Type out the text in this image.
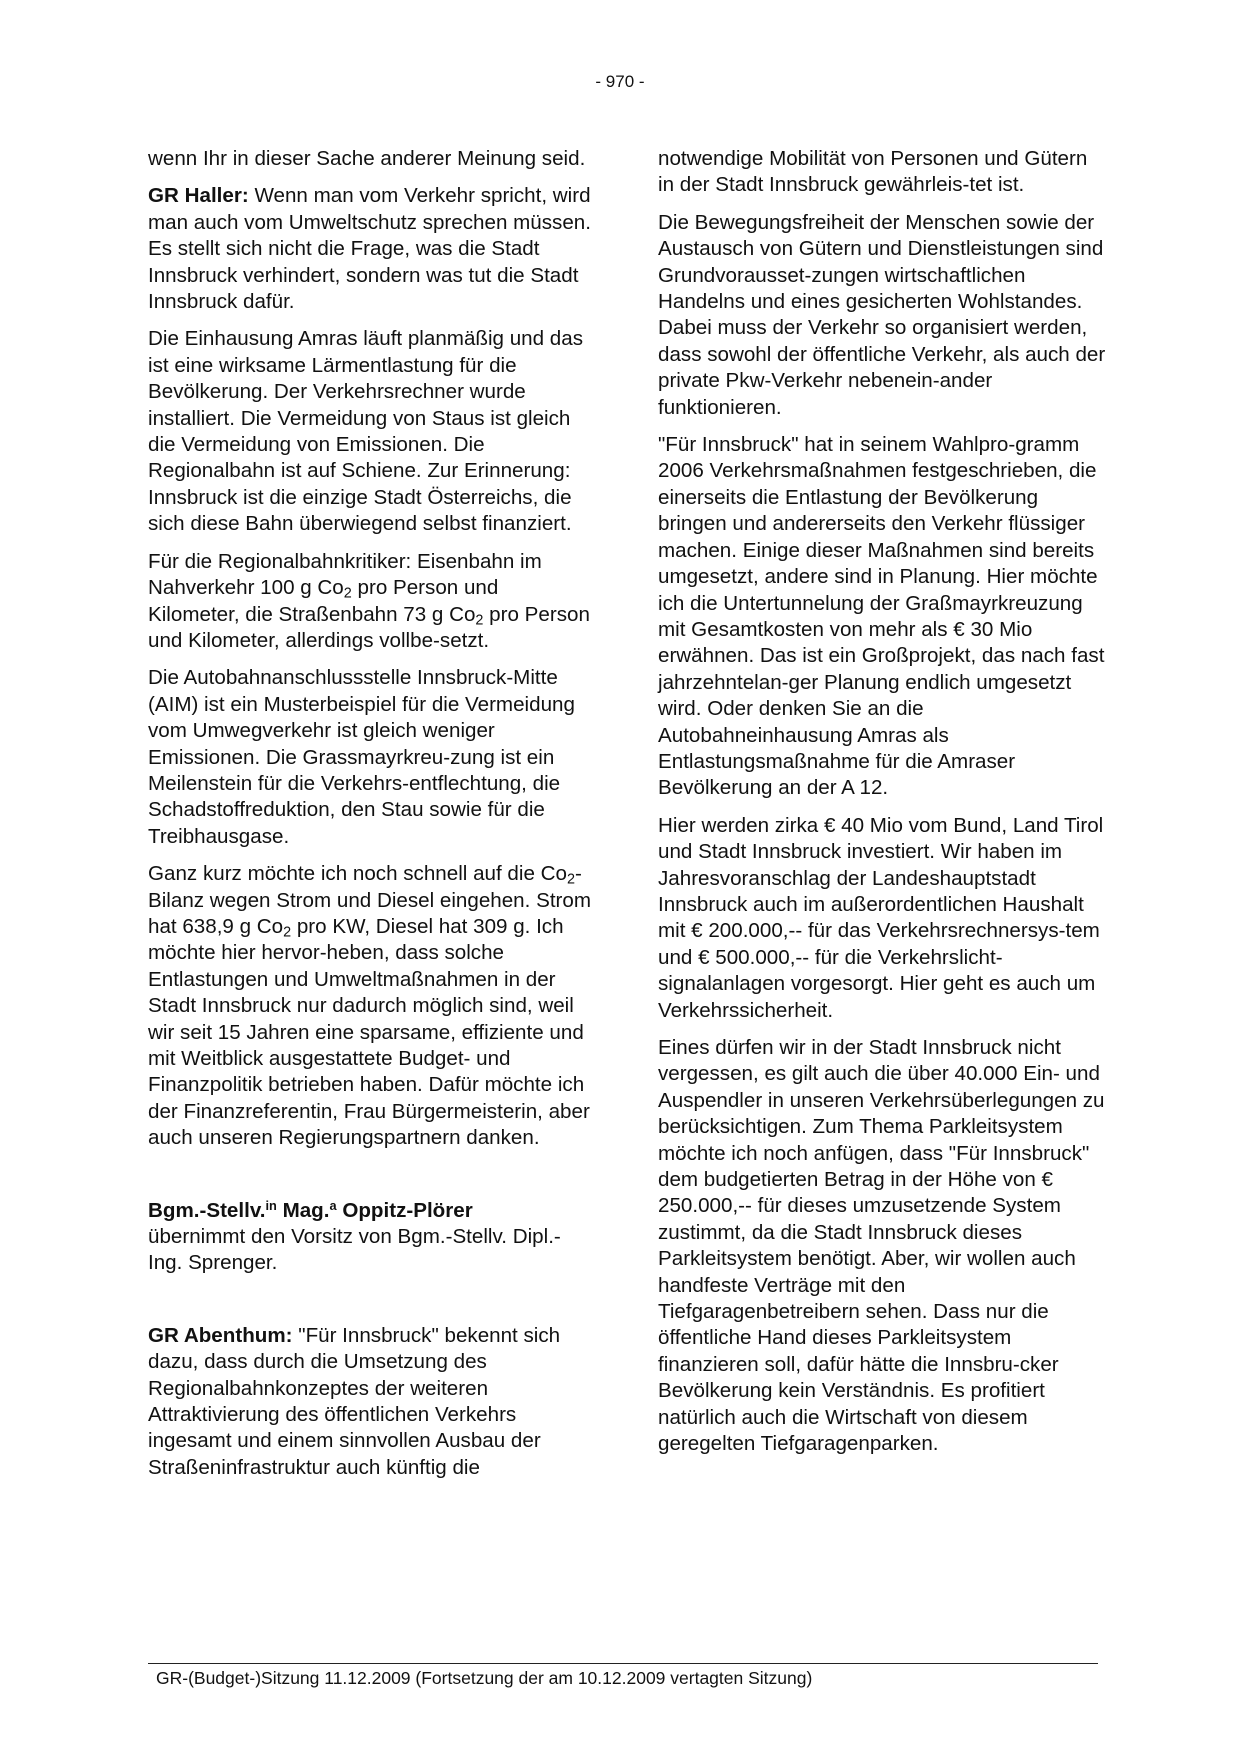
- 970 -

wenn Ihr in dieser Sache anderer Meinung seid.

GR Haller: Wenn man vom Verkehr spricht, wird man auch vom Umweltschutz sprechen müssen. Es stellt sich nicht die Frage, was die Stadt Innsbruck verhindert, sondern was tut die Stadt Innsbruck dafür.

Die Einhausung Amras läuft planmäßig und das ist eine wirksame Lärmentlastung für die Bevölkerung. Der Verkehrsrechner wurde installiert. Die Vermeidung von Staus ist gleich die Vermeidung von Emissionen. Die Regionalbahn ist auf Schiene. Zur Erinnerung: Innsbruck ist die einzige Stadt Österreichs, die sich diese Bahn überwiegend selbst finanziert.

Für die Regionalbahnkritiker: Eisenbahn im Nahverkehr 100 g $Co_2$ pro Person und Kilometer, die Straßenbahn 73 g $Co_2$ pro Person und Kilometer, allerdings vollbe-setzt.

Die Autobahnanschlussstelle Innsbruck-Mitte (AIM) ist ein Musterbeispiel für die Vermeidung vom Umwegverkehr ist gleich weniger Emissionen. Die Grassmayrkreu-zung ist ein Meilenstein für die Verkehrs-entflechtung, die Schadstoffreduktion, den Stau sowie für die Treibhausgase.

Ganz kurz möchte ich noch schnell auf die $Co_2$-Bilanz wegen Strom und Diesel eingehen. Strom hat 638,9 g $Co_2$ pro KW, Diesel hat 309 g. Ich möchte hier hervor-heben, dass solche Entlastungen und Umweltmaßnahmen in der Stadt Innsbruck nur dadurch möglich sind, weil wir seit 15 Jahren eine sparsame, effiziente und mit Weitblick ausgestattete Budget- und Finanzpolitik betrieben haben. Dafür möchte ich der Finanzreferentin, Frau Bürgermeisterin, aber auch unseren Regierungspartnern danken.

Bgm.-Stellv.$^{in}$ Mag.$^a$ Oppitz-Plörer
übernimmt den Vorsitz von Bgm.-Stellv. Dipl.-Ing. Sprenger.

GR Abenthum: "Für Innsbruck" bekennt sich dazu, dass durch die Umsetzung des Regionalbahnkonzeptes der weiteren Attraktivierung des öffentlichen Verkehrs ingesamt und einem sinnvollen Ausbau der Straßeninfrastruktur auch künftig die

notwendige Mobilität von Personen und Gütern in der Stadt Innsbruck gewährleis-tet ist.

Die Bewegungsfreiheit der Menschen sowie der Austausch von Gütern und Dienstleistungen sind Grundvorausset-zungen wirtschaftlichen Handelns und eines gesicherten Wohlstandes. Dabei muss der Verkehr so organisiert werden, dass sowohl der öffentliche Verkehr, als auch der private Pkw-Verkehr nebenein-ander funktionieren.

"Für Innsbruck" hat in seinem Wahlpro-gramm 2006 Verkehrsmaßnahmen festgeschrieben, die einerseits die Entlastung der Bevölkerung bringen und andererseits den Verkehr flüssiger machen. Einige dieser Maßnahmen sind bereits umgesetzt, andere sind in Planung. Hier möchte ich die Untertunnelung der Graßmayrkreuzung mit Gesamtkosten von mehr als € 30 Mio erwähnen. Das ist ein Großprojekt, das nach fast jahrzehntelan-ger Planung endlich umgesetzt wird. Oder denken Sie an die Autobahneinhausung Amras als Entlastungsmaßnahme für die Amraser Bevölkerung an der A 12.

Hier werden zirka € 40 Mio vom Bund, Land Tirol und Stadt Innsbruck investiert. Wir haben im Jahresvoranschlag der Landeshauptstadt Innsbruck auch im außerordentlichen Haushalt mit € 200.000,-- für das Verkehrsrechnersys-tem und € 500.000,-- für die Verkehrslicht-signalanlagen vorgesorgt. Hier geht es auch um Verkehrssicherheit.

Eines dürfen wir in der Stadt Innsbruck nicht vergessen, es gilt auch die über 40.000 Ein- und Auspendler in unseren Verkehrsüberlegungen zu berücksichtigen. Zum Thema Parkleitsystem möchte ich noch anfügen, dass "Für Innsbruck" dem budgetierten Betrag in der Höhe von € 250.000,-- für dieses umzusetzende System zustimmt, da die Stadt Innsbruck dieses Parkleitsystem benötigt. Aber, wir wollen auch handfeste Verträge mit den Tiefgaragenbetreibern sehen. Dass nur die öffentliche Hand dieses Parkleitsystem finanzieren soll, dafür hätte die Innsbru-cker Bevölkerung kein Verständnis. Es profitiert natürlich auch die Wirtschaft von diesem geregelten Tiefgaragenparken.

GR-(Budget-)Sitzung 11.12.2009 (Fortsetzung der am 10.12.2009 vertagten Sitzung)
